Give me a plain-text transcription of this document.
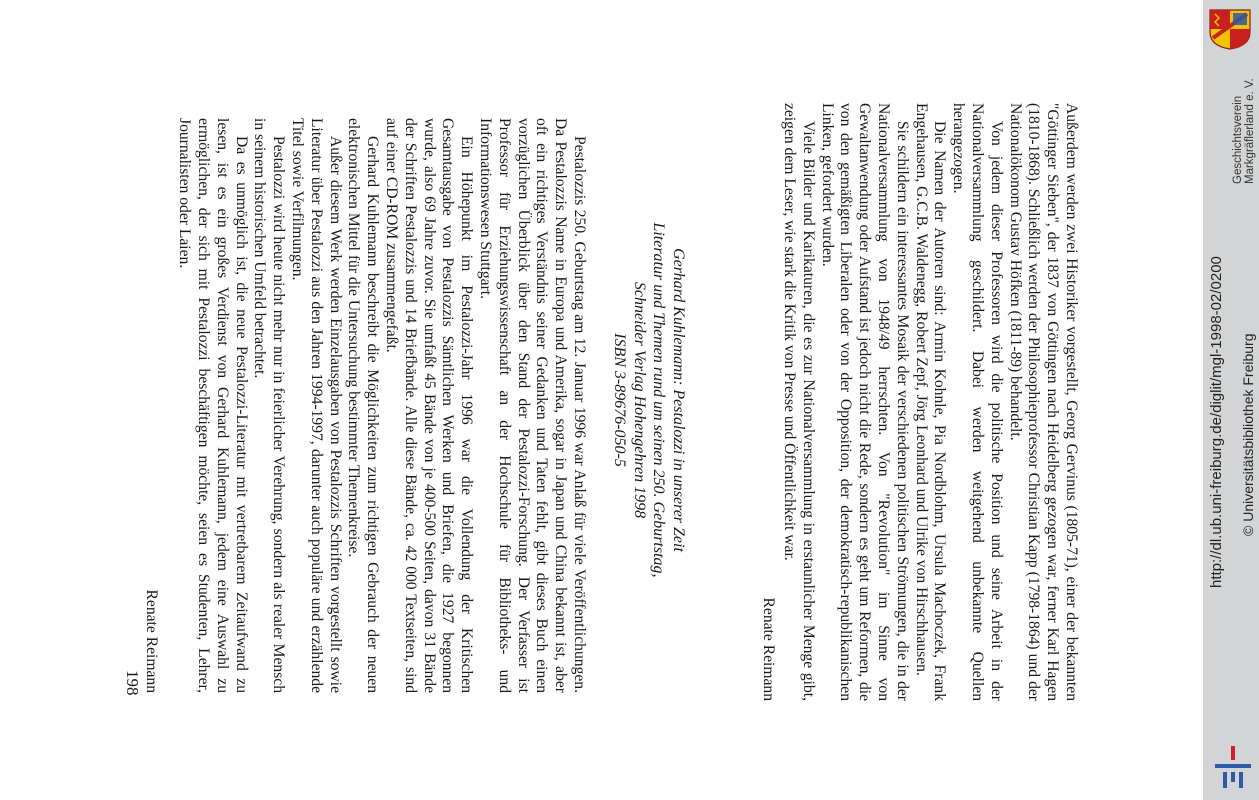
Außerdem werden zwei Historiker vorgestellt, Georg Gervinus (1805-71), einer der bekannten "Göttinger Sieben", der 1837 von Göttingen nach Heidelberg gezogen war, ferner Karl Hagen (1810-1868). Schließlich werden der Philosophieprofessor Christian Kapp (1798-1864) und der Nationalökonom Gustav Höfken (1811-89) behandelt.

Von jedem dieser Professoren wird die politische Position und seine Arbeit in der Nationalversammlung geschildert. Dabei werden weitgehend unbekannte Quellen herangezogen.

Die Namen der Autoren sind: Armin Kohnle, Pia Nordblohm, Ursula Machoczek, Frank Engehausen, G.C.B. Waldenegg, Robert Zepf, Jörg Leonhard und Ulrike von Hirschhausen.

Sie schildern ein interessantes Mosaik der verschiedenen politischen Strömungen, die in der Nationalversammlung von 1948/49 herrschten. Von "Revolution" im Sinne von Gewaltanwendung oder Aufstand ist jedoch nicht die Rede, sondern es geht um Reformen, die von den gemäßigten Liberalen oder von der Opposition, der demokratisch-republikanischen Linken, gefordert wurden.

Viele Bilder und Karikaturen, die es zur Nationalversammlung in erstaunlicher Menge gibt, zeigen dem Leser, wie stark die Kritik von Presse und Öffentlichkeit war.

Renate Reimann
Gerhard Kuhlemann: Pestalozzi in unserer Zeit
Literatur und Themen rund um seinen 250. Geburtstag,
Schneider Verlag Hohengehren 1998
ISBN 3-89676-050-5

Pestalozzis 250. Geburtstag am 12. Januar 1996 war Anlaß für viele Veröffentlichungen. Da Pestalozzis Name in Europa und Amerika, sogar in Japan und China bekannt ist, aber oft ein richtiges Verständnis seiner Gedanken und Taten fehlt, gibt dieses Buch einen vorzüglichen Überblick über den Stand der Pestalozzi-Forschung. Der Verfasser ist Professor für Erziehungswissenschaft an der Hochschule für Bibliotheks- und Informationswesen Stuttgart.

Ein Höhepunkt im Pestalozzi-Jahr 1996 war die Vollendung der Kritischen Gesamtausgabe von Pestalozzis Sämtlichen Werken und Briefen, die 1927 begonnen wurde, also 69 Jahre zuvor. Sie umfaßt 45 Bände von je 400-500 Seiten, davon 31 Bände der Schriften Pestalozzis und 14 Briefbände. Alle diese Bände, ca. 42 000 Textseiten, sind auf einer CD-ROM zusammengefaßt.

Gerhard Kuhlemann beschreibt die Möglichkeiten zum richtigen Gebrauch der neuen elektronischen Mittel für die Untersuchung bestimmter Themenkreise.

Außer diesem Werk werden Einzelausgaben von Pestalozzis Schriften vorgestellt sowie Literatur über Pestalozzi aus den Jahren 1994-1997, darunter auch populäre und erzählende Titel sowie Verfilmungen.

Pestalozzi wird heute nicht mehr nur in feierlicher Verehrung, sondern als realer Mensch in seinem historischen Umfeld betrachtet.

Da es unmöglich ist, die neue Pestalozzi-Literatur mit vertretbarem Zeitaufwand zu lesen, ist es ein großes Verdienst von Gerhard Kuhlemann, jedem eine Auswahl zu ermöglichen, der sich mit Pestalozzi beschäftigen möchte, seien es Studenten, Lehrer, Journalisten oder Laien.

Renate Reimann
198
Geschichtsverein Markgräflerland e. V.
http://dl.ub.uni-freiburg.de/diglit/mgl-1998-02/0200 © Universitätsbibliothek Freiburg
